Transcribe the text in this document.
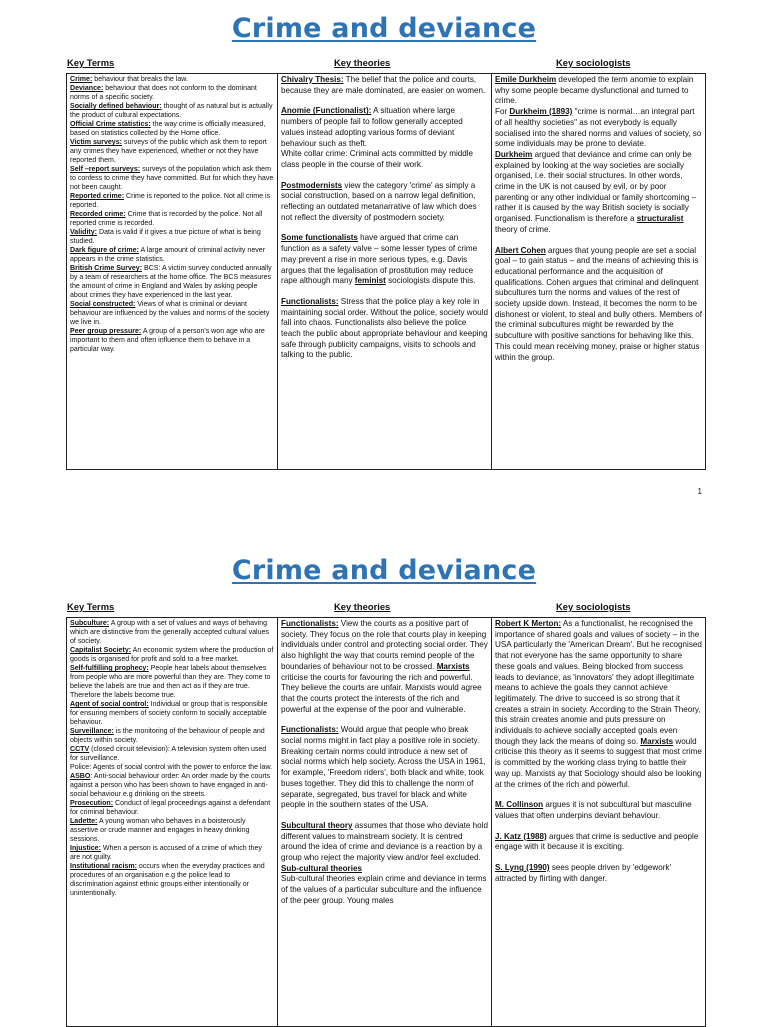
Crime and deviance
Key Terms	Key theories	Key sociologists
Crime: behaviour that breaks the law.
Deviance: behaviour that does not conform to the dominant norms of a specific society.
Socially defined behaviour: thought of as natural but is actually the product of cultural expectations.
Official Crime statistics: the way crime is officially measured, based on statistics collected by the Home office.
Victim surveys: surveys of the public which ask them to report any crimes they have experienced, whether or not they have reported them.
Self –report surveys: surveys of the population which ask them to confess to crime they have committed. But for which they have not been caught.
Reported crime: Crime is reported to the police. Not all crime is reported.
Recorded crime: Crime that is recorded by the police. Not all reported crime is recorded.
Validity: Data is valid if it gives a true picture of what is being studied.
Dark figure of crime: A large amount of criminal activity never appears in the crime statistics.
British Crime Survey: BCS: A victim survey conducted annually by a team of researchers at the home office. The BCS measures the amount of crime in England and Wales by asking people about crimes they have experienced in the last year.
Social constructed: Views of what is criminal or deviant behaviour are influenced by the values and norms of the society we live in.
Peer group pressure: A group of a person's won age who are important to them and often influence them to behave in a particular way.

Chivalry Thesis: The belief that the police and courts, because they are male dominated, are easier on women.
Anomie (Functionalist): A situation where large numbers of people fail to follow generally accepted values instead adopting various forms of deviant behaviour such as theft.
White collar crime: Criminal acts committed by middle class people in the course of their work.
Postmodernists view the category 'crime' as simply a social construction, based on a narrow legal definition, reflecting an outdated metanarrative of law which does not reflect the diversity of postmodern society.
Some functionalists have argued that crime can function as a safety valve – some lesser types of crime may prevent a rise in more serious types, e.g. Davis argues that the legalisation of prostitution may reduce rape although many feminist sociologists dispute this.
Functionalists: Stress that the police play a key role in maintaining social order. Without the police, society would fall into chaos. Functionalists also believe the police teach the public about appropriate behaviour and keeping safe through publicity campaigns, visits to schools and talking to the public.

Emile Durkheim developed the term anomie to explain why some people became dysfunctional and turned to crime.
For Durkheim (1893) "crime is normal…an integral part of all healthy societies" as not everybody is equally socialised into the shared norms and values of society, so some individuals may be prone to deviate.
Durkheim argued that deviance and crime can only be explained by looking at the way societies are socially organised, i.e. their social structures. In other words, crime in the UK is not caused by evil, or by poor parenting or any other individual or family shortcoming – rather it is caused by the way British society is socially organised. Functionalism is therefore a structuralist theory of crime.
Albert Cohen argues that young people are set a social goal – to gain status – and the means of achieving this is educational performance and the acquisition of qualifications. Cohen argues that criminal and delinquent subcultures turn the norms and values of the rest of society upside down. Instead, it becomes the norm to be dishonest or violent, to steal and bully others. Members of the criminal subcultures might be rewarded by the subculture with positive sanctions for behaving like this. This could mean receiving money, praise or higher status within the group.
1
Crime and deviance
Key Terms	Key theories	Key sociologists
Subculture: A group with a set of values and ways of behaving which are distinctive from the generally accepted cultural values of society.
Capitalist Society: An economic system where the production of goods is organised for profit and sold to a free market.
Self-fulfilling prophecy: People hear labels about themselves from people who are more powerful than they are. They come to believe the labels are true and then act as if they are true. Therefore the labels become true.
Agent of social control: Individual or group that is responsible for ensuring members of society conform to socially acceptable behaviour.
Surveillance: is the monitoring of the behaviour of people and objects within society.
CCTV (closed circuit television): A television system often used for surveillance.
Police: Agents of social control with the power to enforce the law.
ASBO: Anti-social behaviour order: An order made by the courts against a person who has been shown to have engaged in anti-social behaviour e.g drinking on the streets.
Prosecution: Conduct of legal proceedings against a defendant for criminal behaviour.
Ladette: A young woman who behaves in a boisterously assertive or crude manner and engages in heavy drinking sessions.
Injustice: When a person is accused of a crime of which they are not guilty.
Institutional racism: occurs when the everyday practices and procedures of an organisation e.g the police lead to discrimination against ethnic groups either intentionally or unintentionally.

Functionalists: View the courts as a positive part of society. They focus on the role that courts play in keeping individuals under control and protecting social order. They also highlight the way that courts remind people of the boundaries of behaviour not to be crossed. Marxists criticise the courts for favouring the rich and powerful. They believe the courts are unfair. Marxists would agree that the courts protect the interests of the rich and powerful at the expense of the poor and vulnerable.
Functionalists: Would argue that people who break social norms might in fact play a positive role in society. Breaking certain norms could introduce a new set of social norms which help society. Across the USA in 1961, for example, 'Freedom riders', both black and white, took buses together. They did this to challenge the norm of separate, segregated, bus travel for black and white people in the southern states of the USA.
Subcultural theory assumes that those who deviate hold different values to mainstream society. It is centred around the idea of crime and deviance is a reaction by a group who reject the majority view and/or feel excluded.
Sub-cultural theories
Sub-cultural theories explain crime and deviance in terms of the values of a particular subculture and the influence of the peer group. Young males

Robert K Merton: As a functionalist, he recognised the importance of shared goals and values of society – in the USA particularly the 'American Dream'. But he recognised that not everyone has the same opportunity to share these goals and values. Being blocked from success leads to deviance, as 'innovators' they adopt illegitimate means to achieve the goals they cannot achieve legitimately. The drive to succeed is so strong that it creates a strain in society. According to the Strain Theory, this strain creates anomie and puts pressure on individuals to achieve socially accepted goals even though they lack the means of doing so. Marxists would criticise this theory as it seems to suggest that most crime is committed by the working class trying to battle their way up. Marxists ay that Sociology should also be looking at the crimes of the rich and powerful.
M. Collinson argues it is not subcultural but masculine values that often underpins deviant behaviour.
J. Katz (1988) argues that crime is seductive and people engage with it because it is exciting.
S. Lyng (1990) sees people driven by 'edgework' attracted by flirting with danger.
